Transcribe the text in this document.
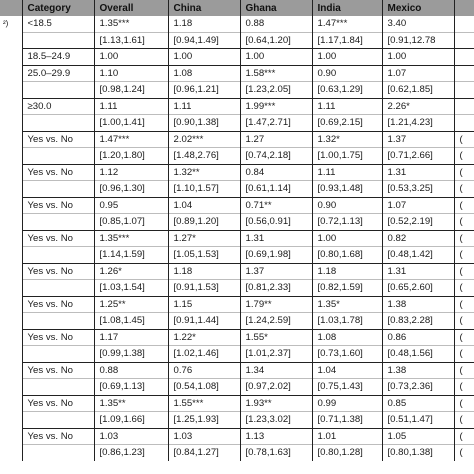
	Category	Overall	China	Ghana	India	Mexico	
²)	<18.5	1.35***	1.18	0.88	1.47***	3.40	
		[1.13,1.61]	[0.94,1.49]	[0.64,1.20]	[1.17,1.84]	[0.91,12.78	
	18.5–24.9	1.00	1.00	1.00	1.00	1.00	
	25.0–29.9	1.10	1.08	1.58***	0.90	1.07	
		[0.98,1.24]	[0.96,1.21]	[1.23,2.05]	[0.63,1.29]	[0.62,1.85]	
	≥30.0	1.11	1.11	1.99***	1.11	2.26*	
		[1.00,1.41]	[0.90,1.38]	[1.47,2.71]	[0.69,2.15]	[1.21,4.23]	
	Yes vs. No	1.47***	2.02***	1.27	1.32*	1.37	(
		[1.20,1.80]	[1.48,2.76]	[0.74,2.18]	[1.00,1.75]	[0.71,2.66]	(
	Yes vs. No	1.12	1.32**	0.84	1.11	1.31	(
		[0.96,1.30]	[1.10,1.57]	[0.61,1.14]	[0.93,1.48]	[0.53,3.25]	(
	Yes vs. No	0.95	1.04	0.71**	0.90	1.07	(
		[0.85,1.07]	[0.89,1.20]	[0.56,0.91]	[0.72,1.13]	[0.52,2.19]	(
	Yes vs. No	1.35***	1.27*	1.31	1.00	0.82	(
		[1.14,1.59]	[1.05,1.53]	[0.69,1.98]	[0.80,1.68]	[0.48,1.42]	(
	Yes vs. No	1.26*	1.18	1.37	1.18	1.31	(
		[1.03,1.54]	[0.91,1.53]	[0.81,2.33]	[0.82,1.59]	[0.65,2.60]	(
	Yes vs. No	1.25**	1.15	1.79**	1.35*	1.38	(
		[1.08,1.45]	[0.91,1.44]	[1.24,2.59]	[1.03,1.78]	[0.83,2.28]	(
	Yes vs. No	1.17	1.22*	1.55*	1.08	0.86	(
		[0.99,1.38]	[1.02,1.46]	[1.01,2.37]	[0.73,1.60]	[0.48,1.56]	(
	Yes vs. No	0.88	0.76	1.34	1.04	1.38	(
		[0.69,1.13]	[0.54,1.08]	[0.97,2.02]	[0.75,1.43]	[0.73,2.36]	(
	Yes vs. No	1.35**	1.55***	1.93**	0.99	0.85	(
		[1.09,1.66]	[1.25,1.93]	[1.23,3.02]	[0.71,1.38]	[0.51,1.47]	(
	Yes vs. No	1.03	1.03	1.13	1.01	1.05	(
		[0.86,1.23]	[0.84,1.27]	[0.78,1.63]	[0.80,1.28]	[0.80,1.38]	(
